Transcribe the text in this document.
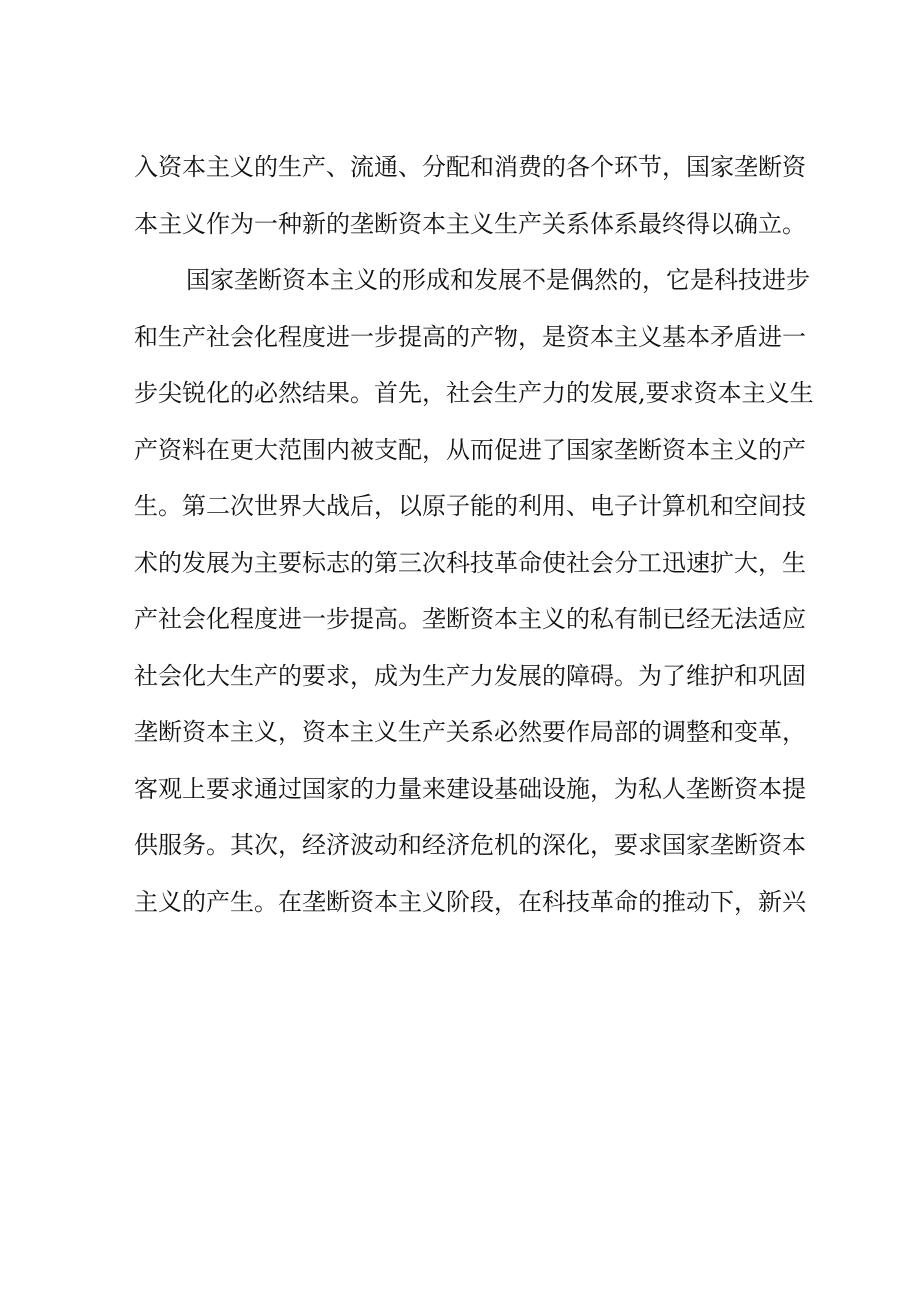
入资本主义的生产、流通、分配和消费的各个环节，国家垄断资
本主义作为一种新的垄断资本主义生产关系体系最终得以确立。
国家垄断资本主义的形成和发展不是偶然的，它是科技进步
和生产社会化程度进一步提高的产物，是资本主义基本矛盾进一
步尖锐化的必然结果。首先，社会生产力的发展,要求资本主义生
产资料在更大范围内被支配，从而促进了国家垄断资本主义的产
生。第二次世界大战后，以原子能的利用、电子计算机和空间技
术的发展为主要标志的第三次科技革命使社会分工迅速扩大，生
产社会化程度进一步提高。垄断资本主义的私有制已经无法适应
社会化大生产的要求，成为生产力发展的障碍。为了维护和巩固
垄断资本主义，资本主义生产关系必然要作局部的调整和变革，
客观上要求通过国家的力量来建设基础设施，为私人垄断资本提
供服务。其次，经济波动和经济危机的深化，要求国家垄断资本
主义的产生。在垄断资本主义阶段，在科技革命的推动下，新兴
